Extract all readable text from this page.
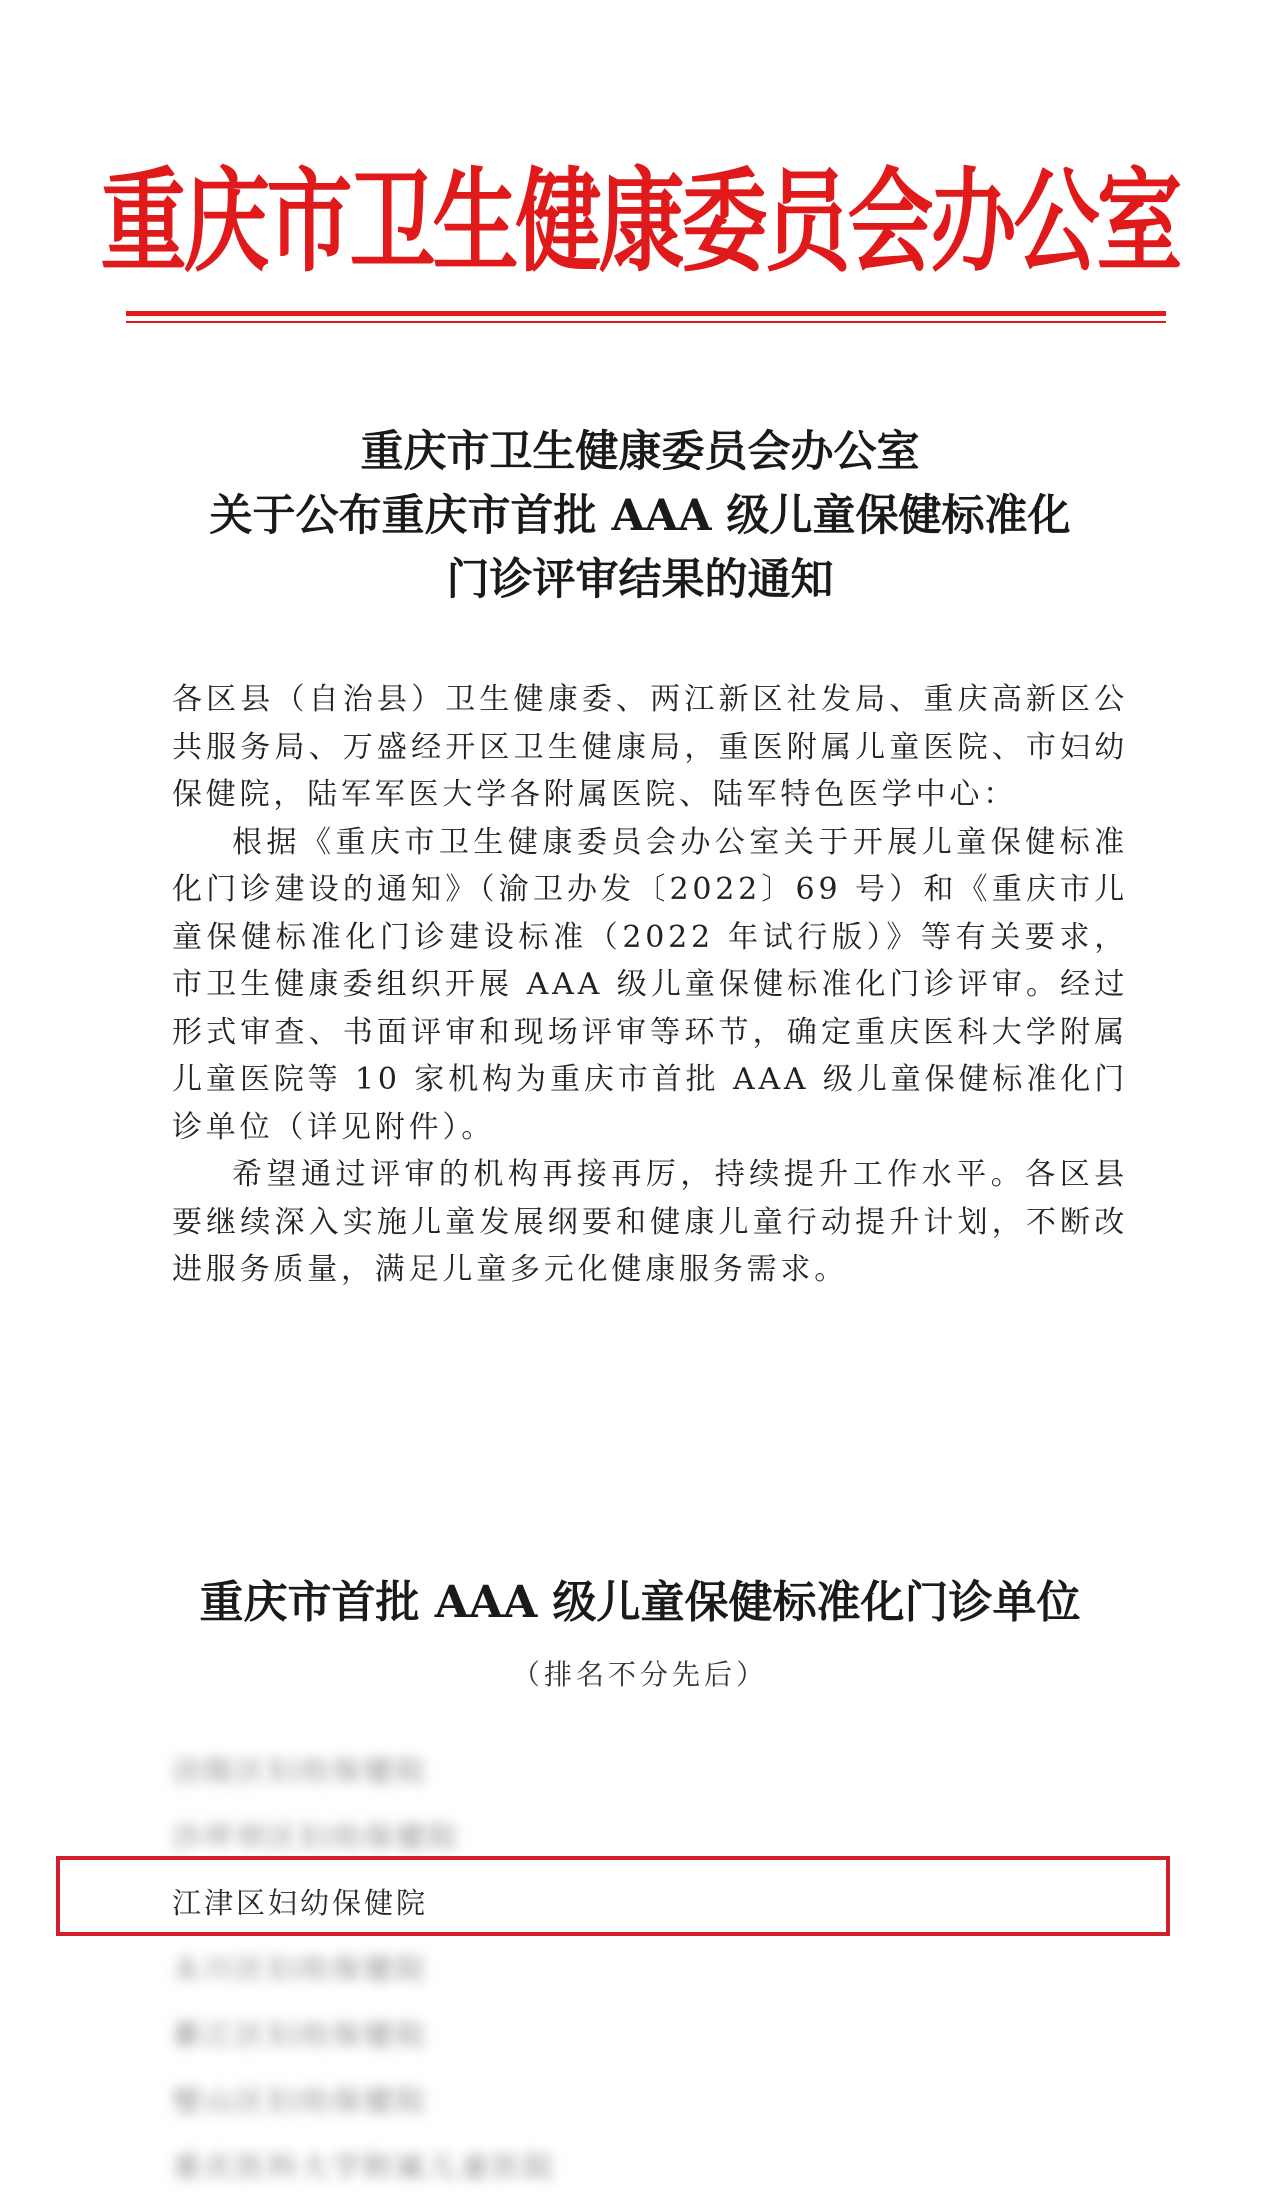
重庆市卫生健康委员会办公室
重庆市卫生健康委员会办公室
关于公布重庆市首批 AAA 级儿童保健标准化
门诊评审结果的通知

各区县（自治县）卫生健康委、两江新区社发局、重庆高新区公共服务局、万盛经开区卫生健康局，重医附属儿童医院、市妇幼保健院，陆军军医大学各附属医院、陆军特色医学中心：

根据《重庆市卫生健康委员会办公室关于开展儿童保健标准化门诊建设的通知》（渝卫办发〔2022〕69 号）和《重庆市儿童保健标准化门诊建设标准（2022 年试行版）》等有关要求，市卫生健康委组织开展 AAA 级儿童保健标准化门诊评审。经过形式审查、书面评审和现场评审等环节，确定重庆医科大学附属儿童医院等 10 家机构为重庆市首批 AAA 级儿童保健标准化门诊单位（详见附件）。

希望通过评审的机构再接再厉，持续提升工作水平。各区县要继续深入实施儿童发展纲要和健康儿童行动提升计划，不断改进服务质量，满足儿童多元化健康服务需求。

重庆市首批 AAA 级儿童保健标准化门诊单位
（排名不分先后）
涪陵区妇幼保健院
沙坪坝区妇幼保健院
江津区妇幼保健院
永川区妇幼保健院
綦江区妇幼保健院
璧山区妇幼保健院
重庆医科大学附属儿童医院
